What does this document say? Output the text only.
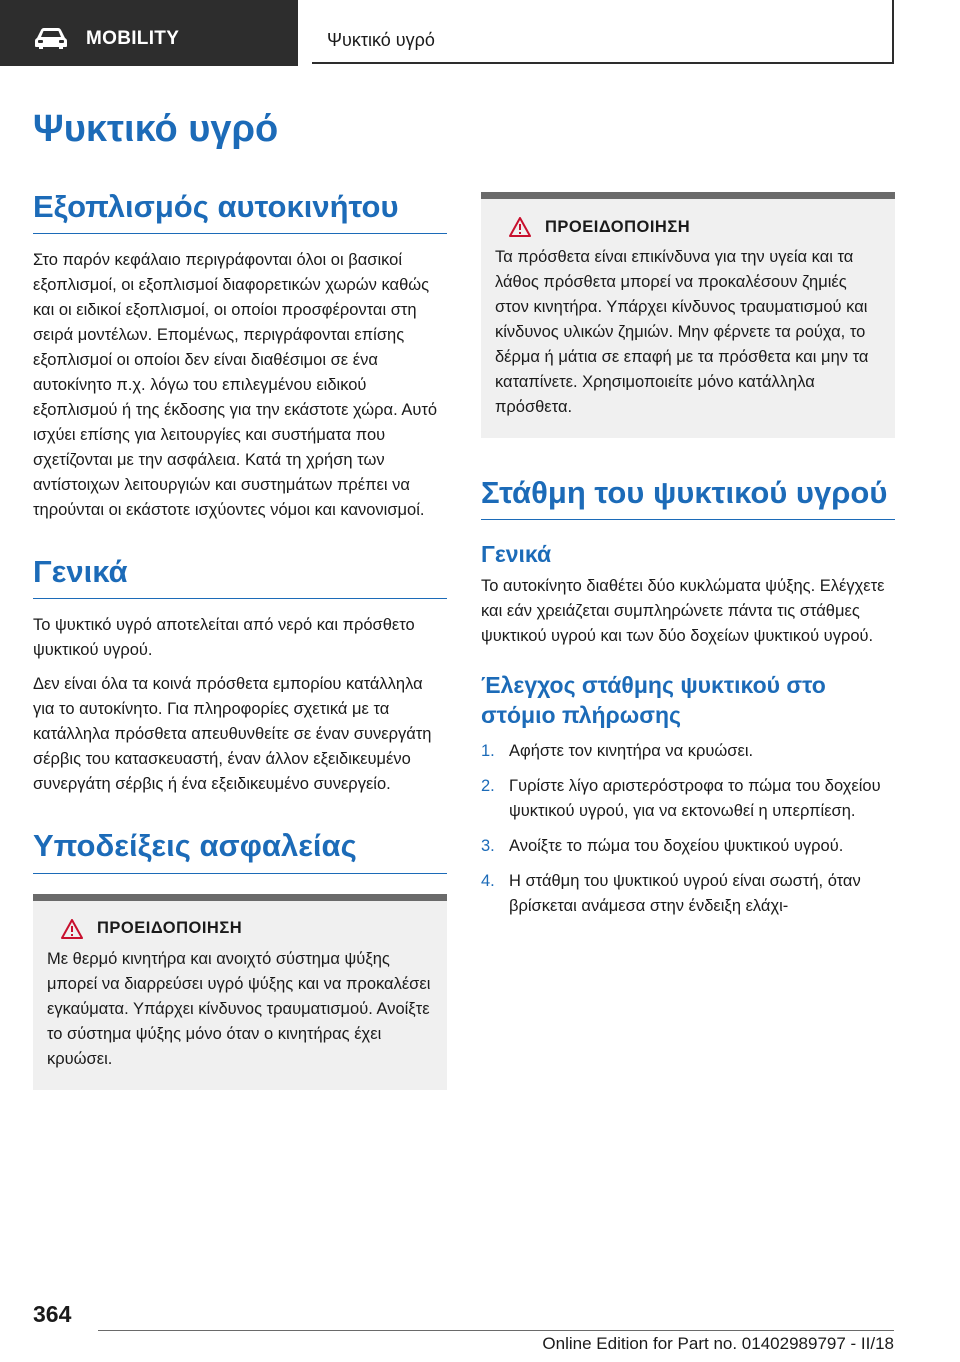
MOBILITY	Ψυκτικό υγρό
Ψυκτικό υγρό
Εξοπλισμός αυτοκινήτου

Στο παρόν κεφάλαιο περιγράφονται όλοι οι βασικοί εξοπλισμοί, οι εξοπλισμοί διαφορετικών χωρών καθώς και οι ειδικοί εξοπλισμοί, οι οποίοι προσφέρονται στη σειρά μοντέλων. Επομένως, περιγράφονται επίσης εξοπλισμοί οι οποίοι δεν είναι διαθέσιμοι σε ένα αυτοκίνητο π.χ. λόγω του επιλεγμένου ειδικού εξοπλισμού ή της έκδοσης για την εκάστοτε χώρα. Αυτό ισχύει επίσης για λειτουργίες και συστήματα που σχετίζονται με την ασφάλεια. Κατά τη χρήση των αντίστοιχων λειτουργιών και συστημάτων πρέπει να τηρούνται οι εκάστοτε ισχύοντες νόμοι και κανονισμοί.

Γενικά

Το ψυκτικό υγρό αποτελείται από νερό και πρόσθετο ψυκτικού υγρού.

Δεν είναι όλα τα κοινά πρόσθετα εμπορίου κατάλληλα για το αυτοκίνητο. Για πληροφορίες σχετικά με τα κατάλληλα πρόσθετα απευθυνθείτε σε έναν συνεργάτη σέρβις του κατασκευαστή, έναν άλλον εξειδικευμένο συνεργάτη σέρβις ή ένα εξειδικευμένο συνεργείο.

Υποδείξεις ασφαλείας
ΠΡΟΕΙΔΟΠΟΙΗΣΗ

Με θερμό κινητήρα και ανοιχτό σύστημα ψύξης μπορεί να διαρρεύσει υγρό ψύξης και να προκαλέσει εγκαύματα. Υπάρχει κίνδυνος τραυματισμού. Ανοίξτε το σύστημα ψύξης μόνο όταν ο κινητήρας έχει κρυώσει.

ΠΡΟΕΙΔΟΠΟΙΗΣΗ

Τα πρόσθετα είναι επικίνδυνα για την υγεία και τα λάθος πρόσθετα μπορεί να προκαλέσουν ζημιές στον κινητήρα. Υπάρχει κίνδυνος τραυματισμού και κίνδυνος υλικών ζημιών. Μην φέρνετε τα ρούχα, το δέρμα ή μάτια σε επαφή με τα πρόσθετα και μην τα καταπίνετε. Χρησιμοποιείτε μόνο κατάλληλα πρόσθετα.

Στάθμη του ψυκτικού υγρού
Γενικά

Το αυτοκίνητο διαθέτει δύο κυκλώματα ψύξης. Ελέγχετε και εάν χρειάζεται συμπληρώνετε πάντα τις στάθμες ψυκτικού υγρού και των δύο δοχείων ψυκτικού υγρού.

Έλεγχος στάθμης ψυκτικού στο στόμιο πλήρωσης
1. Αφήστε τον κινητήρα να κρυώσει.
2. Γυρίστε λίγο αριστερόστροφα το πώμα του δοχείου ψυκτικού υγρού, για να εκτονωθεί η υπερπίεση.
3. Ανοίξτε το πώμα του δοχείου ψυκτικού υγρού.
4. Η στάθμη του ψυκτικού υγρού είναι σωστή, όταν βρίσκεται ανάμεσα στην ένδειξη ελάχι-
364
Online Edition for Part no. 01402989797 - II/18
